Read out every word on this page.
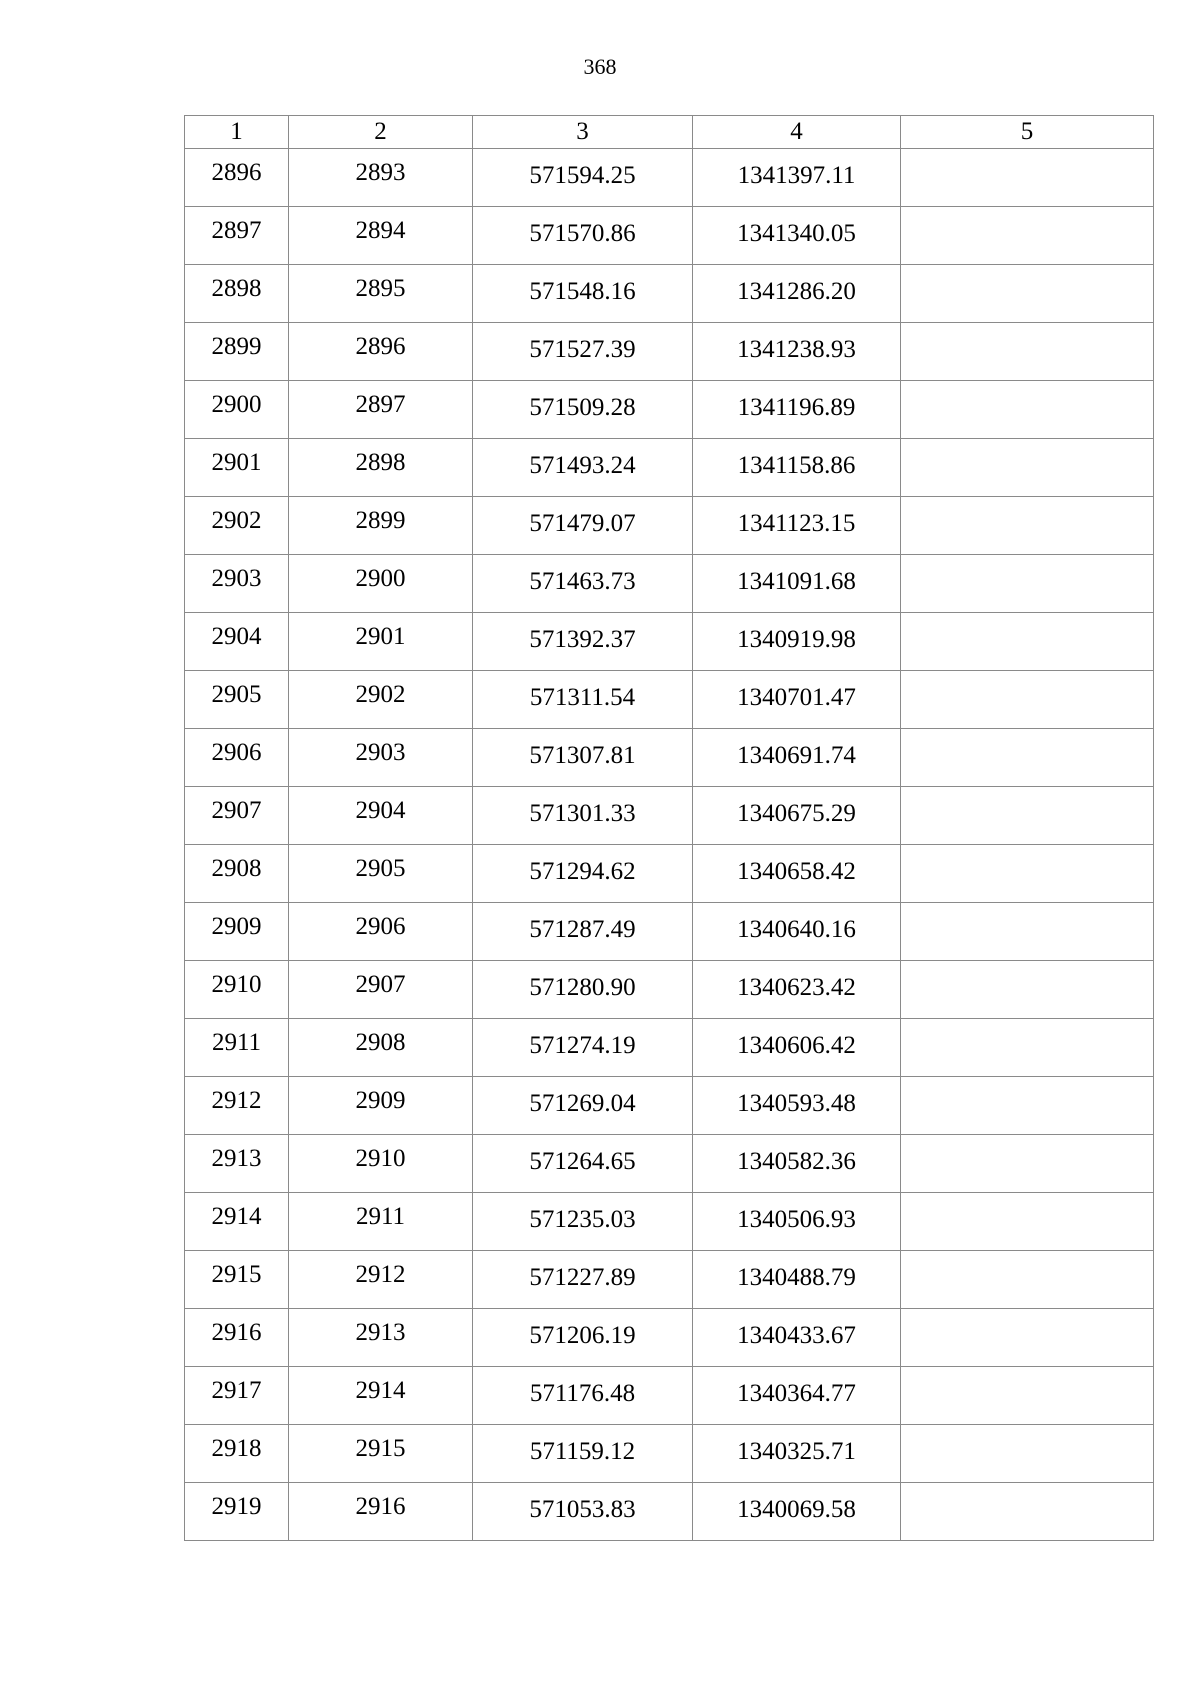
368
1	2	3	4	5
2896	2893	571594.25	1341397.11	
2897	2894	571570.86	1341340.05	
2898	2895	571548.16	1341286.20	
2899	2896	571527.39	1341238.93	
2900	2897	571509.28	1341196.89	
2901	2898	571493.24	1341158.86	
2902	2899	571479.07	1341123.15	
2903	2900	571463.73	1341091.68	
2904	2901	571392.37	1340919.98	
2905	2902	571311.54	1340701.47	
2906	2903	571307.81	1340691.74	
2907	2904	571301.33	1340675.29	
2908	2905	571294.62	1340658.42	
2909	2906	571287.49	1340640.16	
2910	2907	571280.90	1340623.42	
2911	2908	571274.19	1340606.42	
2912	2909	571269.04	1340593.48	
2913	2910	571264.65	1340582.36	
2914	2911	571235.03	1340506.93	
2915	2912	571227.89	1340488.79	
2916	2913	571206.19	1340433.67	
2917	2914	571176.48	1340364.77	
2918	2915	571159.12	1340325.71	
2919	2916	571053.83	1340069.58	
